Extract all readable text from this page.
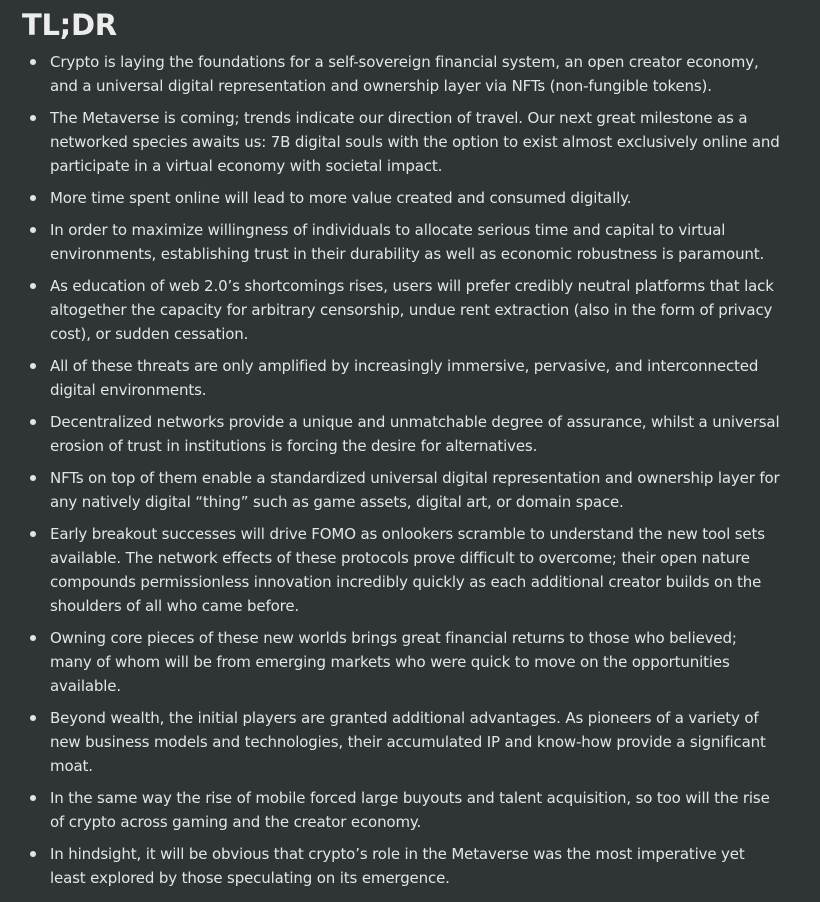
TL;DR
Crypto is laying the foundations for a self-sovereign financial system, an open creator economy, and a universal digital representation and ownership layer via NFTs (non-fungible tokens).
The Metaverse is coming; trends indicate our direction of travel. Our next great milestone as a networked species awaits us: 7B digital souls with the option to exist almost exclusively online and participate in a virtual economy with societal impact.
More time spent online will lead to more value created and consumed digitally.
In order to maximize willingness of individuals to allocate serious time and capital to virtual environments, establishing trust in their durability as well as economic robustness is paramount.
As education of web 2.0’s shortcomings rises, users will prefer credibly neutral platforms that lack altogether the capacity for arbitrary censorship, undue rent extraction (also in the form of privacy cost), or sudden cessation.
All of these threats are only amplified by increasingly immersive, pervasive, and interconnected digital environments.
Decentralized networks provide a unique and unmatchable degree of assurance, whilst a universal erosion of trust in institutions is forcing the desire for alternatives.
NFTs on top of them enable a standardized universal digital representation and ownership layer for any natively digital “thing” such as game assets, digital art, or domain space.
Early breakout successes will drive FOMO as onlookers scramble to understand the new tool sets available. The network effects of these protocols prove difficult to overcome; their open nature compounds permissionless innovation incredibly quickly as each additional creator builds on the shoulders of all who came before.
Owning core pieces of these new worlds brings great financial returns to those who believed; many of whom will be from emerging markets who were quick to move on the opportunities available.
Beyond wealth, the initial players are granted additional advantages. As pioneers of a variety of new business models and technologies, their accumulated IP and know-how provide a significant moat.
In the same way the rise of mobile forced large buyouts and talent acquisition, so too will the rise of crypto across gaming and the creator economy.
In hindsight, it will be obvious that crypto’s role in the Metaverse was the most imperative yet least explored by those speculating on its emergence.
